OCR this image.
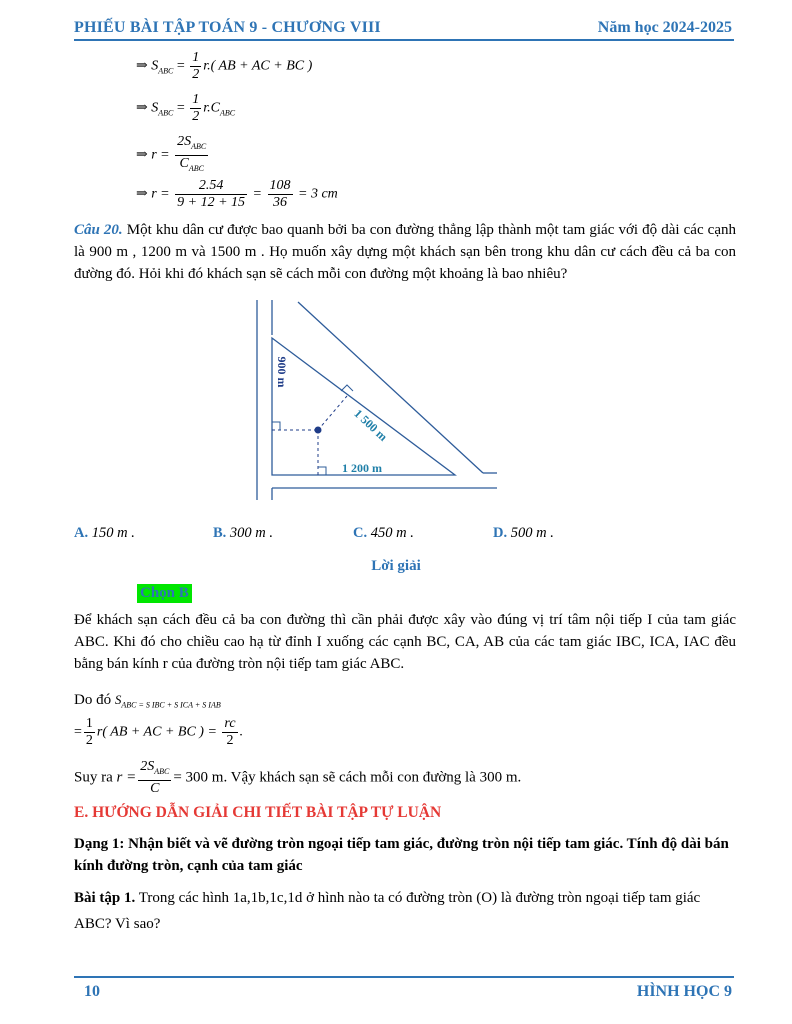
PHIẾU BÀI TẬP TOÁN 9 - CHƯƠNG VIII	Năm học 2024-2025
⇒ $S_{ABC} = \frac{1}{2} r$.( AB + AC + BC )
⇒ $S_{ABC} = \frac{1}{2} r.C_{ABC}$
⇒ $r = \frac{2S_{ABC}}{C_{ABC}}$
⇒ $r = \frac{2.54}{9 + 12 + 15} = \frac{108}{36} = 3$ cm
Câu 20. Một khu dân cư được bao quanh bởi ba con đường thẳng lập thành một tam giác với độ dài các cạnh là 900 m , 1200 m và 1500 m . Họ muốn xây dựng một khách sạn bên trong khu dân cư cách đều cả ba con đường đó. Hỏi khi đó khách sạn sẽ cách mỗi con đường một khoảng là bao nhiêu?
900 m
1 500 m
1 200 m
A. 150 m .	B. 300 m .	C. 450 m .	D. 500 m .
Lời giải
Chọn B
Để khách sạn cách đều cả ba con đường thì cần phải được xây vào đúng vị trí tâm nội tiếp I của tam giác ABC. Khi đó cho chiều cao hạ từ đỉnh I xuống các cạnh BC, CA, AB của các tam giác IBC, ICA, IAC đều bằng bán kính r của đường tròn nội tiếp tam giác ABC.
Do đó $S_{ABC = S IBC + S ICA + S IAB}$
= $\frac{1}{2} r$( AB + AC + BC ) = $\frac{rc}{2}$ .
Suy ra $r = \frac{2S_{ABC}}{C} = 300$ m. Vậy khách sạn sẽ cách mỗi con đường là 300 m.
E. HƯỚNG DẪN GIẢI CHI TIẾT BÀI TẬP TỰ LUẬN
Dạng 1: Nhận biết và vẽ đường tròn ngoại tiếp tam giác, đường tròn nội tiếp tam giác. Tính độ dài bán kính đường tròn, cạnh của tam giác
Bài tập 1. Trong các hình 1a,1b,1c,1d ở hình nào ta có đường tròn (O) là đường tròn ngoại tiếp tam giác ABC? Vì sao?
10	HÌNH HỌC 9
